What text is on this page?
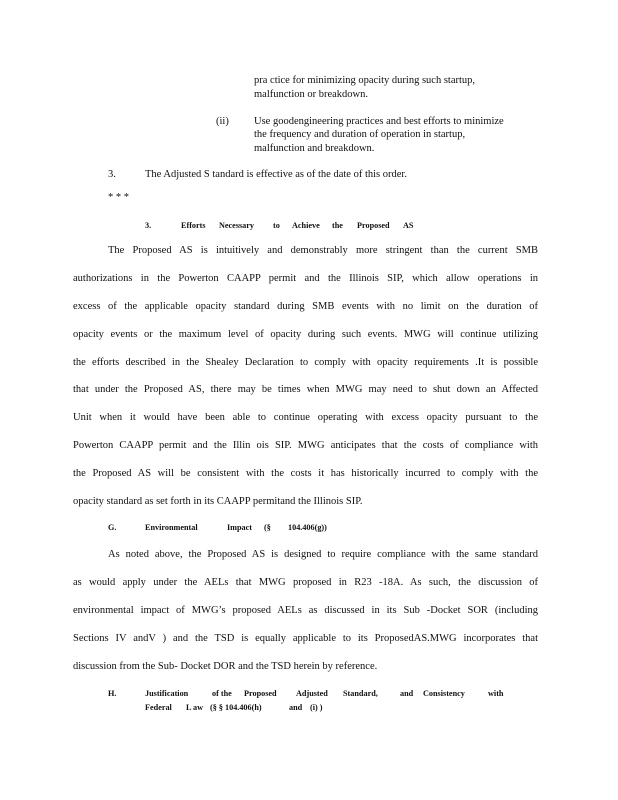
pra ctice for minimizing opacity during such startup,
malfunction or breakdown.
(ii) Use goodengineering practices and best efforts to minimize
the frequency and duration of operation in startup,
malfunction and breakdown.
3.	The Adjusted S tandard is effective as of the date of this order.
* * *
3.	Efforts Necessary to Achieve the Proposed AS
The Proposed AS is intuitively and demonstrably more stringent than the current SMB
authorizations in the Powerton CAAPP permit and the Illinois SIP, which allow operations in
excess of the applicable opacity standard during SMB events with no limit on the duration of
opacity events or the maximum level of opacity during such events. MWG will continue utilizing
the efforts described in the Shealey Declaration to comply with opacity requirements .It is possible
that under the Proposed AS, there may be times when MWG may need to shut down an Affected
Unit when it would have been able to continue operating with excess opacity pursuant to the
Powerton CAAPP permit and the Illin ois SIP. MWG anticipates that the costs of compliance with
the Proposed AS will be consistent with the costs it has historically incurred to comply with the
opacity standard as set forth in its CAAPP permitand the Illinois SIP.
G.	Environmental	Impact (§ 104.406(g))
As noted above, the Proposed AS is designed to require compliance with the same standard
as would apply under the AELs that MWG proposed in R23 -18A. As such, the discussion of
environmental impact of MWG’s proposed AELs as discussed in its Sub -Docket SOR (including
Sections IV andV ) and the TSD is equally applicable to its ProposedAS.MWG incorporates that
discussion from the Sub- Docket DOR and the TSD herein by reference.
H.	Justification	of the Proposed Adjusted Standard,	and Consistency	with
Federal L aw (§ § 104.406(h)	and (i) )
